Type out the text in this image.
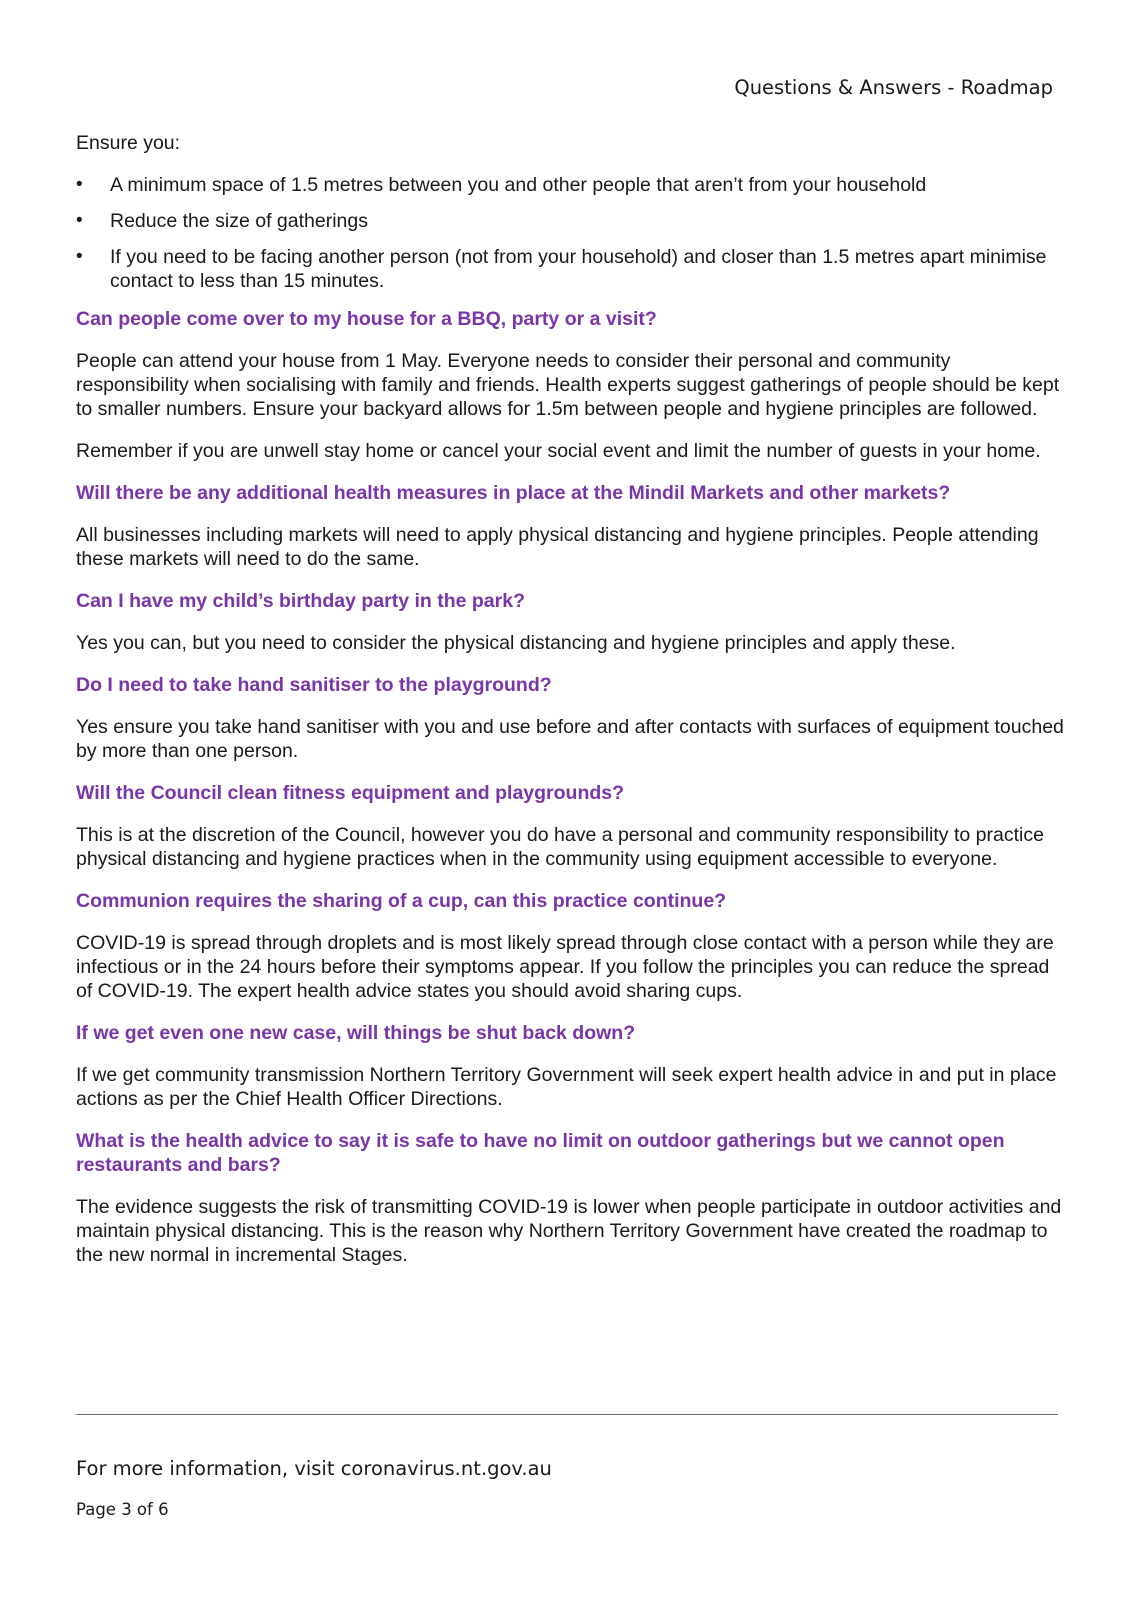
Questions & Answers - Roadmap

Ensure you:

• A minimum space of 1.5 metres between you and other people that aren’t from your household
• Reduce the size of gatherings
• If you need to be facing another person (not from your household) and closer than 1.5 metres apart minimise contact to less than 15 minutes.

Can people come over to my house for a BBQ, party or a visit?

People can attend your house from 1 May. Everyone needs to consider their personal and community responsibility when socialising with family and friends. Health experts suggest gatherings of people should be kept to smaller numbers. Ensure your backyard allows for 1.5m between people and hygiene principles are followed.

Remember if you are unwell stay home or cancel your social event and limit the number of guests in your home.

Will there be any additional health measures in place at the Mindil Markets and other markets?

All businesses including markets will need to apply physical distancing and hygiene principles. People attending these markets will need to do the same.

Can I have my child’s birthday party in the park?

Yes you can, but you need to consider the physical distancing and hygiene principles and apply these.

Do I need to take hand sanitiser to the playground?

Yes ensure you take hand sanitiser with you and use before and after contacts with surfaces of equipment touched by more than one person.

Will the Council clean fitness equipment and playgrounds?

This is at the discretion of the Council, however you do have a personal and community responsibility to practice physical distancing and hygiene practices when in the community using equipment accessible to everyone.

Communion requires the sharing of a cup, can this practice continue?

COVID-19 is spread through droplets and is most likely spread through close contact with a person while they are infectious or in the 24 hours before their symptoms appear. If you follow the principles you can reduce the spread of COVID-19. The expert health advice states you should avoid sharing cups.

If we get even one new case, will things be shut back down?

If we get community transmission Northern Territory Government will seek expert health advice in and put in place actions as per the Chief Health Officer Directions.

What is the health advice to say it is safe to have no limit on outdoor gatherings but we cannot open restaurants and bars?

The evidence suggests the risk of transmitting COVID-19 is lower when people participate in outdoor activities and maintain physical distancing. This is the reason why Northern Territory Government have created the roadmap to the new normal in incremental Stages.

For more information, visit coronavirus.nt.gov.au
Page 3 of 6
